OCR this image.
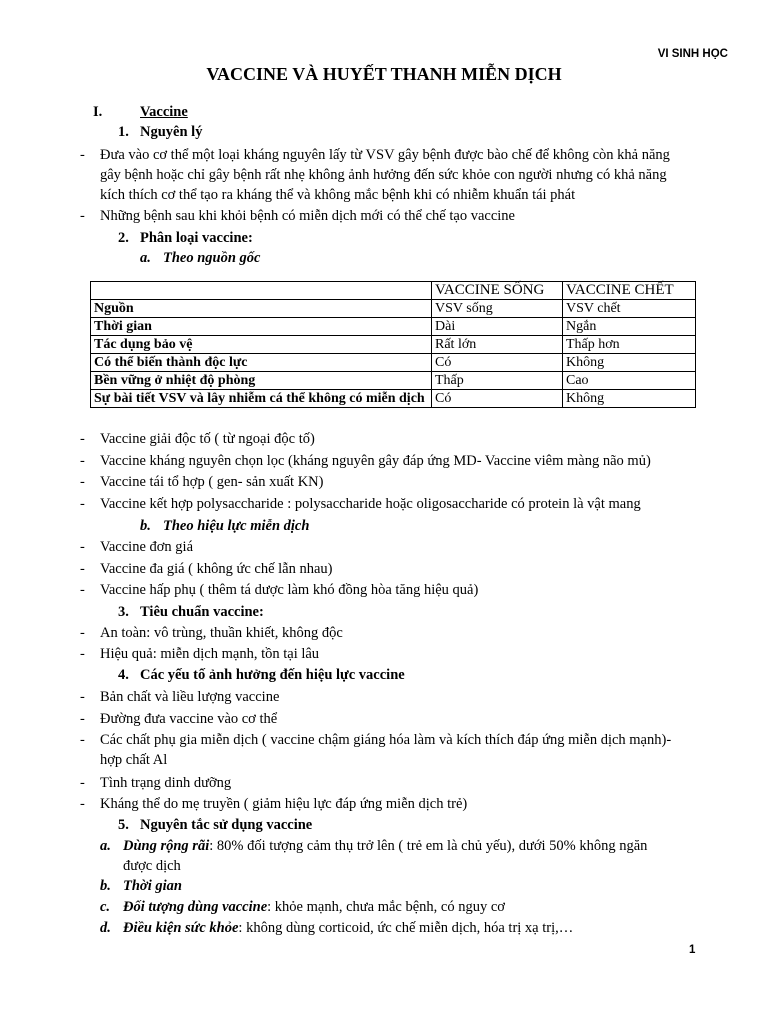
VI SINH HỌC
VACCINE VÀ HUYẾT THANH MIỄN DỊCH
I.	Vaccine
1. Nguyên lý
- Đưa vào cơ thể một loại kháng nguyên lấy từ VSV gây bệnh được bào chế để không còn khả năng
gây bệnh hoặc chỉ gây bệnh rất nhẹ không ảnh hưởng đến sức khỏe con người nhưng có khả năng
kích thích cơ thể tạo ra kháng thể và không mắc bệnh khi có nhiễm khuẩn tái phát
- Những bệnh sau khi khỏi bệnh có miễn dịch mới có thể chế tạo vaccine
2. Phân loại vaccine:
a. Theo nguồn gốc
	VACCINE SỐNG	VACCINE CHẾT
Nguồn	VSV sống	VSV chết
Thời gian	Dài	Ngắn
Tác dụng bảo vệ	Rất lớn	Thấp hơn
Có thể biến thành độc lực	Có	Không
Bền vững ở nhiệt độ phòng	Thấp	Cao
Sự bài tiết VSV và lây nhiễm cá thể không có miễn dịch	Có	Không
- Vaccine giải độc tố ( từ ngoại độc tố)
- Vaccine kháng nguyên chọn lọc (kháng nguyên gây đáp ứng MD- Vaccine viêm màng não mủ)
- Vaccine tái tổ hợp ( gen- sản xuất KN)
- Vaccine kết hợp polysaccharide : polysaccharide hoặc oligosaccharide có protein là vật mang
b. Theo hiệu lực miễn dịch
- Vaccine đơn giá
- Vaccine đa giá ( không ức chế lẫn nhau)
- Vaccine hấp phụ ( thêm tá dược làm khó đồng hòa tăng hiệu quả)
3. Tiêu chuẩn vaccine:
- An toàn: vô trùng, thuần khiết, không độc
- Hiệu quả: miễn dịch mạnh, tồn tại lâu
4. Các yếu tố ảnh hưởng đến hiệu lực vaccine
- Bản chất và liều lượng vaccine
- Đường đưa vaccine vào cơ thể
- Các chất phụ gia miễn dịch ( vaccine chậm giáng hóa làm và kích thích đáp ứng miễn dịch mạnh)-
hợp chất Al
- Tình trạng dinh dưỡng
- Kháng thể do mẹ truyền ( giảm hiệu lực đáp ứng miễn dịch trẻ)
5. Nguyên tắc sử dụng vaccine
a. Dùng rộng rãi: 80% đối tượng cảm thụ trở lên ( trẻ em là chủ yếu), dưới 50% không ngăn
được dịch
b. Thời gian
c. Đối tượng dùng vaccine: khỏe mạnh, chưa mắc bệnh, có nguy cơ
d. Điều kiện sức khỏe: không dùng corticoid, ức chế miễn dịch, hóa trị xạ trị,…
1
